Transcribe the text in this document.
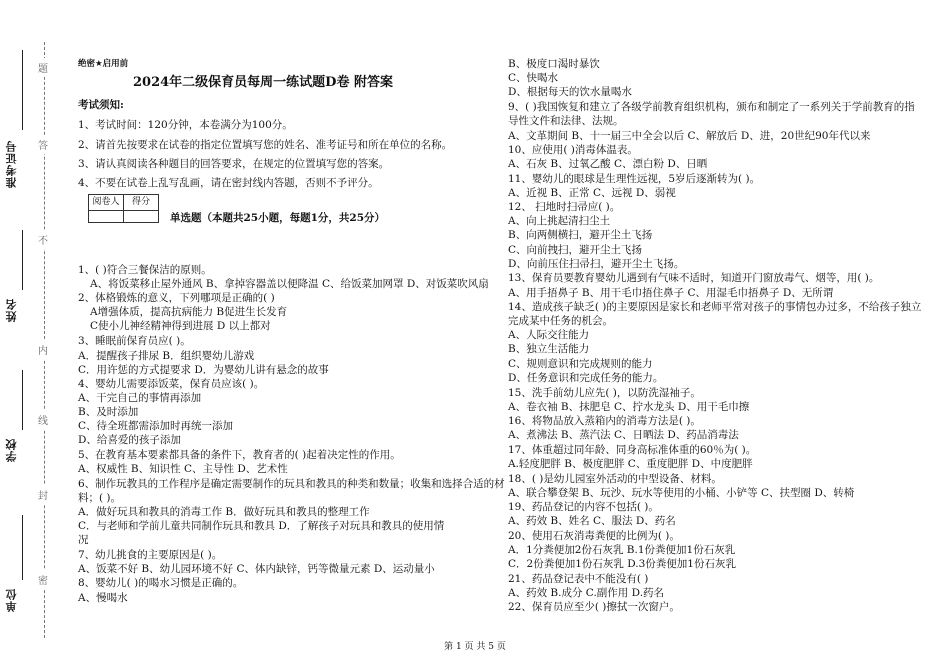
题
答
不
内
线
封
密
准考证号
姓名
学校
单位
绝密★启用前
2024年二级保育员每周一练试题D卷 附答案
考试须知:
1、考试时间：120分钟，本卷满分为100分。
2、请首先按要求在试卷的指定位置填写您的姓名、准考证号和所在单位的名称。
3、请认真阅读各种题目的回答要求，在规定的位置填写您的答案。
4、不要在试卷上乱写乱画，请在密封线内答题，否则不予评分。
阅卷人	得分

单选题（本题共25小题，每题1分，共25分）
1、( )符合三餐保洁的原则。
A、将饭菜移止屋外通风 B、拿掉容器盖以便降温 C、给饭菜加网罩 D、对饭菜吹风扇
2、体格锻炼的意义，下列哪项是正确的( )
A增强体质，提高抗病能力 B促进生长发育
C使小儿神经精神得到进展 D 以上都对
3、睡眠前保育员应( )。
A．提醒孩子排尿 B．组织婴幼儿游戏
C．用许惩的方式提要求 D．为婴幼儿讲有悬念的故事
4、婴幼儿需要添饭菜，保育员应该( )。
A、干完自己的事情再添加
B、及时添加
C、待全班都需添加时再统一添加
D、给喜爱的孩子添加
5、在教育基本要素都具备的条件下，教育者的( )起着决定性的作用。
A、权威性 B、知识性 C、主导性 D、艺术性
6、制作玩教具的工作程序是确定需要制作的玩具和教具的种类和数量；收集和选择合适的材
料；( )。
A．做好玩具和教具的消毒工作 B．做好玩具和教具的整理工作
C．与老师和学前儿童共同制作玩具和教具 D．了解孩子对玩具和教具的使用情
况
7、幼儿挑食的主要原因是( )。
A、饭菜不好 B、幼儿园环境不好 C、体内缺锌，钙等微量元素 D、运动量小
8、婴幼儿( )的喝水习惯是正确的。
A、慢喝水
B、极度口渴时暴饮
C、快喝水
D、根据每天的饮水量喝水
9、( )我国恢复和建立了各级学前教育组织机构，颁布和制定了一系列关于学前教育的指
导性文件和法律、法规。
A、文革期间 B、十一届三中全会以后 C、解放后 D、进，20世纪90年代以来
10、应使用( )消毒体温表。
A、石灰 B、过氧乙酸 C、漂白粉 D、日晒
11、婴幼儿的眼球是生理性远视，5岁后逐渐转为( )。
A、近视 B、正常 C、远视 D、弱视
12、 扫地时扫帚应( )。
A、向上挑起清扫尘土
B、向两侧横扫，避开尘土飞扬
C、向前拽扫，避开尘土飞扬
D、向前压住扫帚扫，避开尘土飞扬。
13、保育员要教育婴幼儿遇到有气味不适时，知道开门窗放毒气、烟等，用( )。
A、用手捂鼻子 B、用干毛巾捂住鼻子 C、用湿毛巾捂鼻子 D、无所谓
14、造成孩子缺乏( )的主要原因是家长和老师平常对孩子的事情包办过多，不给孩子独立
完成某中任务的机会。
A、人际交往能力
B、独立生活能力
C、规则意识和完成规则的能力
D、任务意识和完成任务的能力。
15、洗手前幼儿应先( )，以防洗湿袖子。
A、卷衣袖 B、抹肥皂 C、拧水龙头 D、用干毛巾擦
16、将物品放入蒸箱内的消毒方法是( )。
A、煮沸法 B、蒸汽法 C、日晒法 D、药品消毒法
17、体重超过同年龄、同身高标准体重的60％为( )。
A.轻度肥胖 B、极度肥胖 C、重度肥胖 D、中度肥胖
18、( )是幼儿园室外活动的中型设备、材料。
A、联合攀登架 B、玩沙、玩水等使用的小桶、小铲等 C、扶型圈 D、转椅
19、药品登记的内容不包括( )。
A、药效 B、姓名 C、服法 D、药名
20、使用石灰消毒粪便的比例为( )。
A．1分粪便加2份石灰乳 B.1份粪便加1份石灰乳
C．2份粪便加1份石灰乳 D.3份粪便加1份石灰乳
21、药品登记表中不能没有( )
A、药效 B.成分 C.副作用 D.药名
22、保育员应至少( )擦拭一次窗户。
第 1 页 共 5 页
